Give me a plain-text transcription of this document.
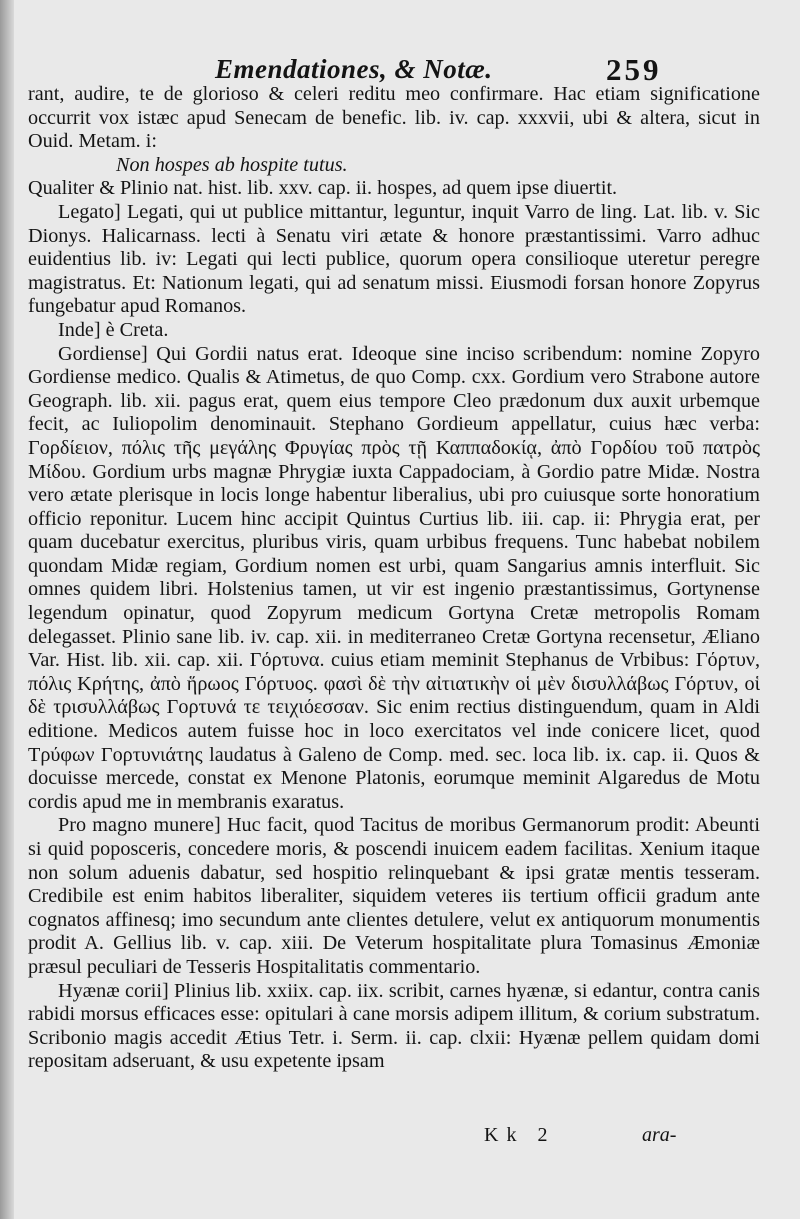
Emendationes, & Notæ.	259

rant, audire, te de glorioso & celeri reditu meo confirmare. Hac etiam significatione occurrit vox istæc apud Senecam de benefic. lib. iv. cap. xxxvii, ubi & altera, sicut in Ouid. Metam. i:

Non hospes ab hospite tutus.

Qualiter & Plinio nat. hist. lib. xxv. cap. ii. hospes, ad quem ipse diuertit.

Legato] Legati, qui ut publice mittantur, leguntur, inquit Varro de ling. Lat. lib. v. Sic Dionys. Halicarnass. lecti à Senatu viri ætate & honore præstantissimi. Varro adhuc euidentius lib. iv: Legati qui lecti publice, quorum opera consilioque uteretur peregre magistratus. Et: Nationum legati, qui ad senatum missi. Eiusmodi forsan honore Zopyrus fungebatur apud Romanos.

Inde] è Creta.

Gordiense] Qui Gordii natus erat. Ideoque sine inciso scribendum: nomine Zopyro Gordiense medico. Qualis & Atimetus, de quo Comp. cxx. Gordium vero Strabone autore Geograph. lib. xii. pagus erat, quem eius tempore Cleo prædonum dux auxit urbemque fecit, ac Iuliopolim denominauit. Stephano Gordieum appellatur, cuius hæc verba: Γορδίειον, πόλις τῆς μεγάλης Φρυγίας πρὸς τῇ Καππαδοκίᾳ, ἀπὸ Γορδίου τοῦ πατρὸς Μίδου. Gordium urbs magnæ Phrygiæ iuxta Cappadociam, à Gordio patre Midæ. Nostra vero ætate plerisque in locis longe habentur liberalius, ubi pro cuiusque sorte honoratium officio reponitur. Lucem hinc accipit Quintus Curtius lib. iii. cap. ii: Phrygia erat, per quam ducebatur exercitus, pluribus viris, quam urbibus frequens. Tunc habebat nobilem quondam Midæ regiam, Gordium nomen est urbi, quam Sangarius amnis interfluit. Sic omnes quidem libri. Holstenius tamen, ut vir est ingenio præstantissimus, Gortynense legendum opinatur, quod Zopyrum medicum Gortyna Cretæ metropolis Romam delegasset. Plinio sane lib. iv. cap. xii. in mediterraneo Cretæ Gortyna recensetur, Æliano Var. Hist. lib. xii. cap. xii. Γόρτυνα. cuius etiam meminit Stephanus de Vrbibus: Γόρτυν, πόλις Κρήτης, ἀπὸ ἥρωος Γόρτυος. φασὶ δὲ τὴν αἰτιατικὴν οἱ μὲν δισυλλάβως Γόρτυν, οἱ δὲ τρισυλλάβως Γορτυνά τε τειχιόεσσαν. Sic enim rectius distinguendum, quam in Aldi editione. Medicos autem fuisse hoc in loco exercitatos vel inde conicere licet, quod Τρύφων Γορτυνιάτης laudatus à Galeno de Comp. med. sec. loca lib. ix. cap. ii. Quos & docuisse mercede, constat ex Menone Platonis, eorumque meminit Algaredus de Motu cordis apud me in membranis exaratus.

Pro magno munere] Huc facit, quod Tacitus de moribus Germanorum prodit: Abeunti si quid poposceris, concedere moris, & poscendi inuicem eadem facilitas. Xenium itaque non solum aduenis dabatur, sed hospitio relinquebant & ipsi gratæ mentis tesseram. Credibile est enim habitos liberaliter, siquidem veteres iis tertium officii gradum ante cognatos affinesq; imo secundum ante clientes detulere, velut ex antiquorum monumentis prodit A. Gellius lib. v. cap. xiii. De Veterum hospitalitate plura Tomasinus Æmoniæ præsul peculiari de Tesseris Hospitalitatis commentario.

Hyænæ corii] Plinius lib. xxiix. cap. iix. scribit, carnes hyænæ, si edantur, contra canis rabidi morsus efficaces esse: opitulari à cane morsis adipem illitum, & corium substratum. Scribonio magis accedit Ætius Tetr. i. Serm. ii. cap. clxii: Hyænæ pellem quidam domi repositam adseruant, & usu expetente ipsam

Kk 2	ara-
